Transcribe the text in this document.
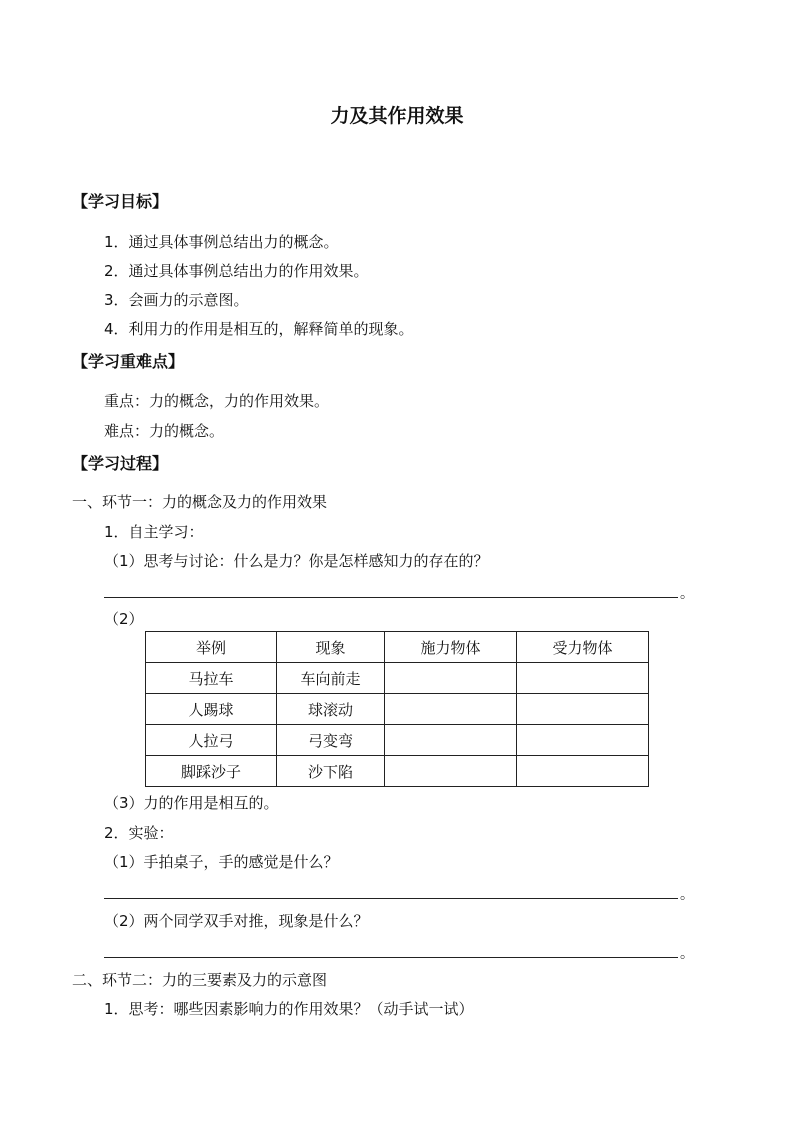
力及其作用效果
【学习目标】
1．通过具体事例总结出力的概念。
2．通过具体事例总结出力的作用效果。
3．会画力的示意图。
4．利用力的作用是相互的，解释简单的现象。
【学习重难点】
重点：力的概念，力的作用效果。
难点：力的概念。
【学习过程】
一、环节一：力的概念及力的作用效果
1．自主学习：
（1）思考与讨论：什么是力？你是怎样感知力的存在的？
。
（2）
举例	现象	施力物体	受力物体
马拉车	车向前走		
人踢球	球滚动		
人拉弓	弓变弯		
脚踩沙子	沙下陷		
（3）力的作用是相互的。
2．实验：
（1）手拍桌子，手的感觉是什么？
。
（2）两个同学双手对推，现象是什么？
。
二、环节二：力的三要素及力的示意图
1．思考：哪些因素影响力的作用效果？（动手试一试）
